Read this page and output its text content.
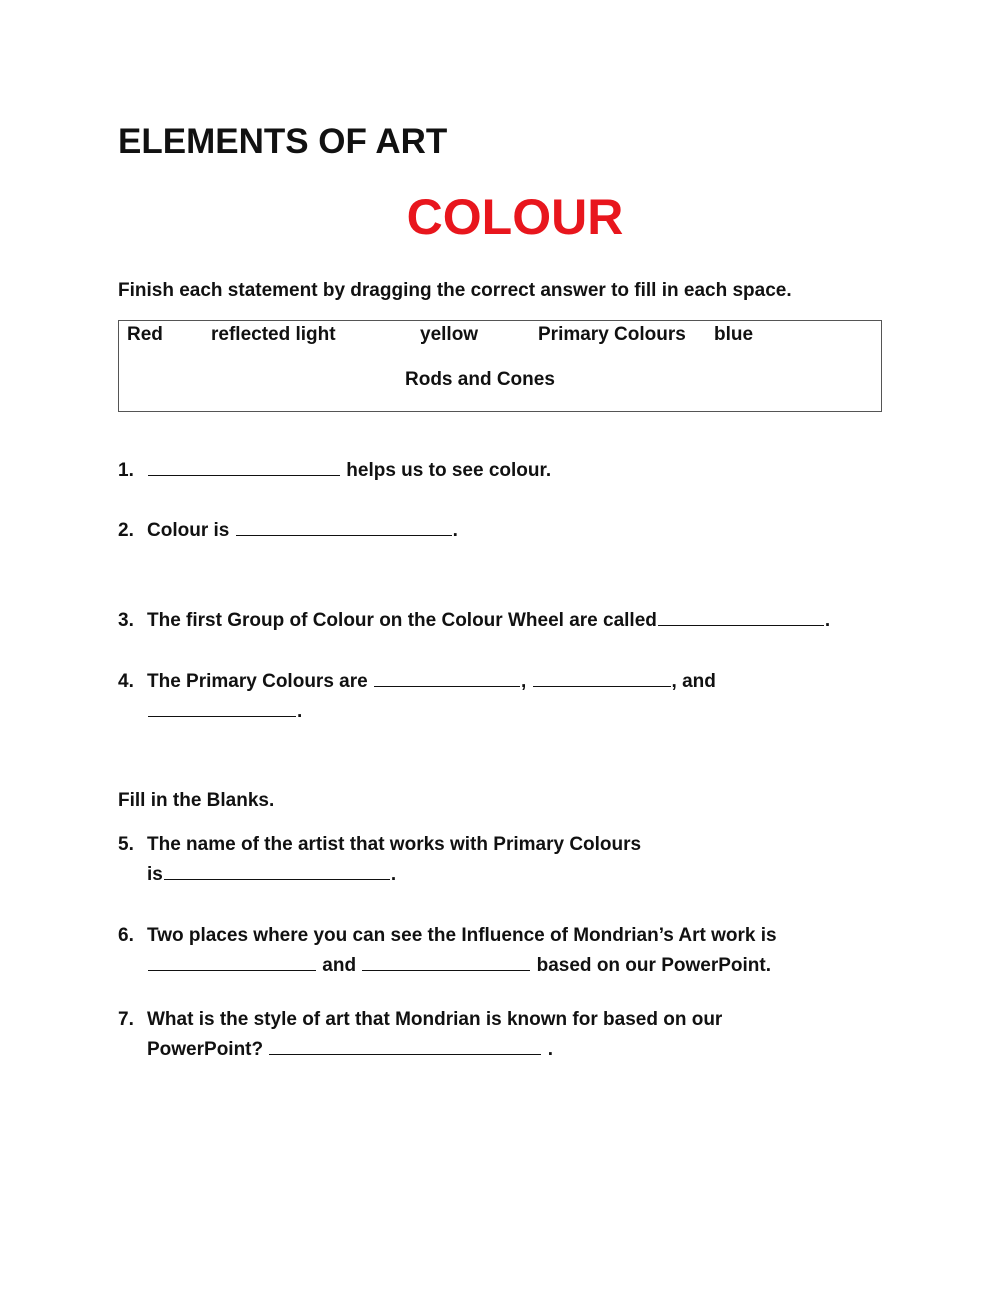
ELEMENTS OF ART
COLOUR
Finish each statement by dragging the correct answer to fill in each space.
Red	reflected light	yellow	Primary Colours blue
Rods and Cones
1.	helps us to see colour.
2. Colour is	.
3. The first Group of Colour on the Colour Wheel are called	.
4. The Primary Colours are	,	, and
.
Fill in the Blanks.
5. The name of the artist that works with Primary Colours
is	.
6. Two places where you can see the Influence of Mondrian’s Art work is
and	based on our PowerPoint.
7. What is the style of art that Mondrian is known for based on our
PowerPoint?	.
